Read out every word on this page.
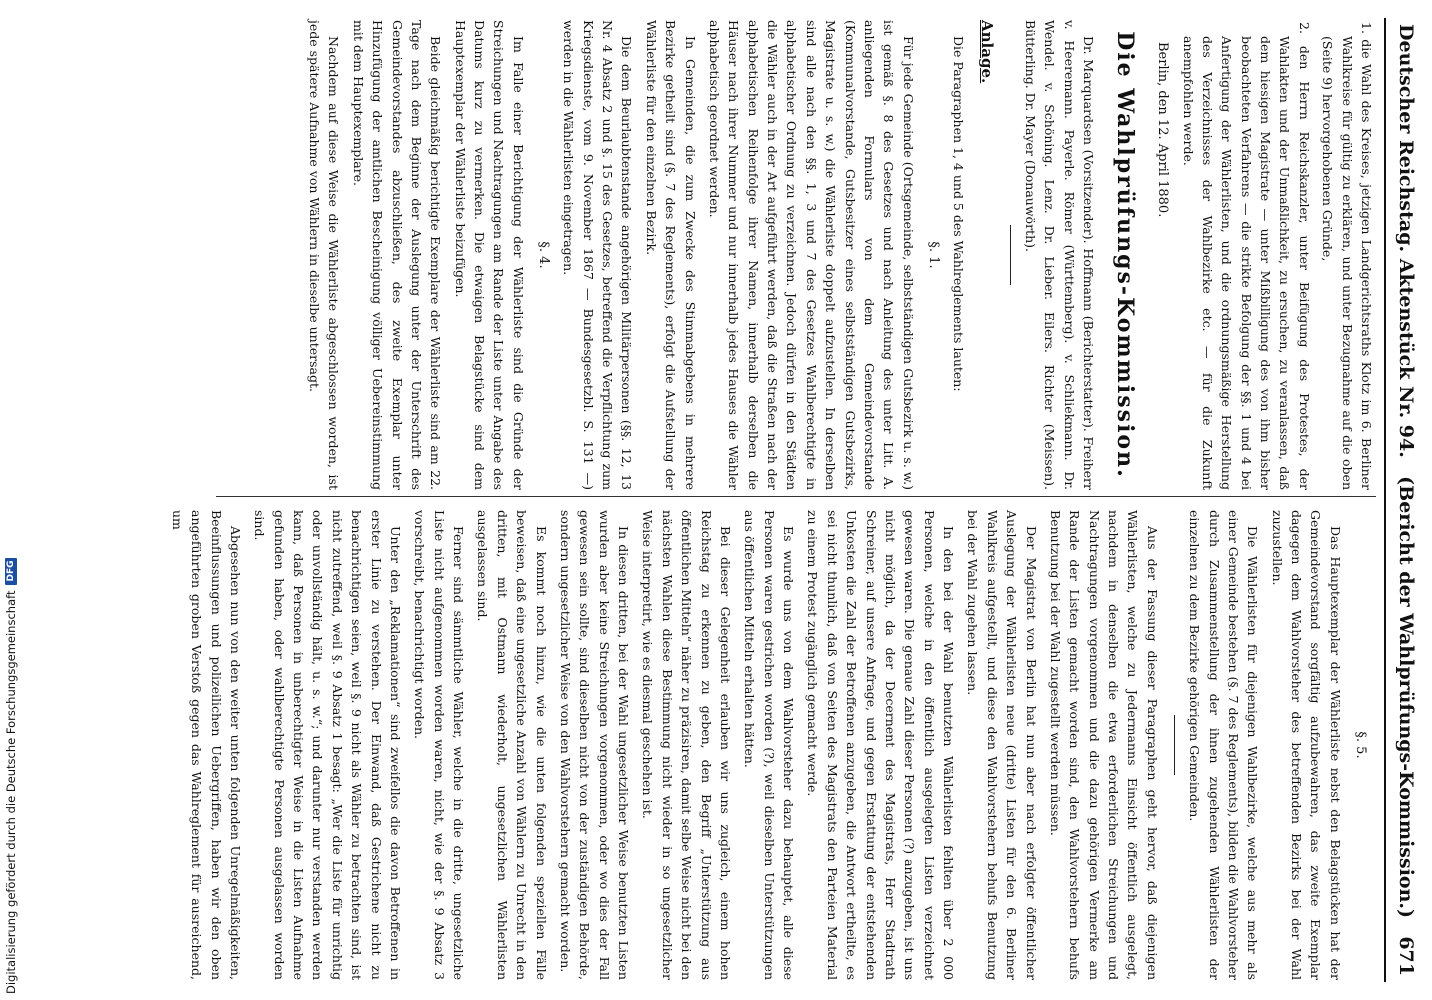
Deutscher Reichstag. Aktenstück Nr. 94.
(Bericht der Wahlprüfungs-Kommission.)
671
1. die Wahl des Kreises, jetzigen Landgerichtsraths Klotz im 6. Berliner Wahlkreise für gültig zu erklären, und unter Bezugnahme auf die oben (Seite 9) hervorgehobenen Gründe,
2. den Herrn Reichskanzler, unter Beifügung des Protestes, der Wahlakten und der Unmaßlichkeit, zu ersuchen, zu veranlassen, daß dem hiesigen Magistrate — unter Mißbilligung des von ihm bisher beobachteten Verfahrens — die strikte Befolgung der §§. 1 und 4 bei Anfertigung der Wählerlisten, und die ordnungsmäßige Herstellung des Verzeichnisses der Wahlbezirke etc. — für die Zukunft anempfohlen werde.
Berlin, den 12. April 1880.
Die Wahlprüfungs-Kommission.

Dr. Marquardsen (Vorsitzender). Hoffmann (Berichterstatter). Freiherr v. Heeremann. Payerle. Römer (Württemberg). v. Schliekmann. Dr. Wendel. v. Schöning. Lenz. Dr. Lieber. Eilers. Richter (Meissen). Bütterling. Dr. Mayer (Donauwörth).

Anlage.

Die Paragraphen 1, 4 und 5 des Wahlreglements lauten:

§. 1.

Für jede Gemeinde (Ortsgemeinde, selbstständigen Gutsbezirk u. s. w.) ist gemäß §. 8 des Gesetzes und nach Anleitung des unter Litt. A. anliegenden Formulars von dem Gemeindevorstande (Kommunalvorstande, Gutsbesitzer eines selbstständigen Gutsbezirks, Magistrate u. s. w.) die Wählerliste doppelt aufzustellen. In derselben sind alle nach den §§. 1, 3 und 7 des Gesetzes Wahlberechtigte in alphabetischer Ordnung zu verzeichnen. Jedoch dürfen in den Städten die Wähler auch in der Art aufgeführt werden, daß die Straßen nach der alphabetischen Reihenfolge ihrer Namen, innerhalb derselben die Häuser nach ihrer Nummer und nur innerhalb jedes Hauses die Wähler alphabetisch geordnet werden.

In Gemeinden, die zum Zwecke des Stimmabgebens in mehrere Bezirke getheilt sind (§. 7 des Reglements), erfolgt die Aufstellung der Wählerliste für den einzelnen Bezirk.

Die dem Beurlaubtenstande angehörigen Militärpersonen (§§. 12, 13 Nr. 4 Absatz 2 und §. 15 des Gesetzes, betreffend die Verpflichtung zum Kriegsdienste, vom 9. November 1867 — Bundesgesetzbl. S. 131 —) werden in die Wählerlisten eingetragen.

§. 4.

Im Falle einer Berichtigung der Wählerliste sind die Gründe der Streichungen und Nachtragungen am Rande der Liste unter Angabe des Datums kurz zu vermerken. Die etwaigen Belagstücke sind dem Hauptexemplar der Wählerliste beizufügen.

Beide gleichmäßig berichtigte Exemplare der Wählerliste sind am 22. Tage nach dem Beginne der Auslegung unter der Unterschrift des Gemeindevorstandes abzuschließen, des zweite Exemplar unter Hinzufügung der amtlichen Bescheinigung völliger Uebereinstimmung mit dem Hauptexemplare.

Nachdem auf diese Weise die Wählerliste abgeschlossen worden, ist jede spätere Aufnahme von Wählern in dieselbe untersagt.

§. 5.

Das Hauptexemplar der Wählerliste nebst den Belagstücken hat der Gemeindevorstand sorgfältig aufzubewahren, das zweite Exemplar dagegen dem Wahlvorsteher des betreffenden Bezirks bei der Wahl zuzustellen.

Die Wählerlisten für diejenigen Wahlbezirke, welche aus mehr als einer Gemeinde bestehen (§. 7 des Reglements), bilden die Wahlvorsteher durch Zusammenstellung der ihnen zugehenden Wählerlisten der einzelnen zu dem Bezirke gehörigen Gemeinden.

Aus der Fassung dieser Paragraphen geht hervor, daß diejenigen Wählerlisten, welche zu Jedermanns Einsicht öffentlich ausgelegt, nachdem in denselben die etwa erforderlichen Streichungen und Nachtragungen vorgenommen und die dazu gehörigen Vermerke am Rande der Listen gemacht worden sind, den Wahlvorstehern behufs Benutzung bei der Wahl zugestellt werden müssen.

Der Magistrat von Berlin hat nun aber nach erfolgter öffentlicher Auslegung der Wählerlisten neue (dritte) Listen für den 6. Berliner Wahlkreis aufgestellt, und diese den Wahlvorstehern behufs Benutzung bei der Wahl zugehen lassen.

In den bei der Wahl benutzten Wählerlisten fehlten über 2 000 Personen, welche in den öffentlich ausgelegten Listen verzeichnet gewesen waren. Die genaue Zahl dieser Personen (?) anzugeben, ist uns nicht möglich, da der Decernent des Magistrats, Herr Stadtrath Schreiner, auf unsere Anfrage, und gegen Erstattung der entstehenden Unkosten die Zahl der Betroffenen anzugeben, die Antwort ertheilte, es sei nicht thunlich, daß von Seiten des Magistrats den Parteien Material zu einem Protest zugänglich gemacht werde.

Es wurde uns von dem Wahlvorsteher dazu behauptet, alle diese Personen waren gestrichen worden (?), weil dieselben Unterstützungen aus öffentlichen Mitteln erhalten hätten.

Bei dieser Gelegenheit erlauben wir uns zugleich, einem hohen Reichstag zu erkennen zu geben, den Begriff „Unterstützung aus öffentlichen Mitteln“ näher zu präzisiren, damit selbe Weise nicht bei den nächsten Wahlen diese Bestimmung nicht wieder in so ungesetzlicher Weise interpretirt, wie es diesmal geschehen ist.

In diesen dritten, bei der Wahl ungesetzlicher Weise benutzten Listen wurden aber keine Streichungen vorgenommen, oder wo dies der Fall gewesen sein sollte, sind dieselben nicht von der zuständigen Behörde, sondern ungesetzlicher Weise von den Wahlvorstehern gemacht worden.

Es kommt noch hinzu, wie die unten folgenden speziellen Fälle beweisen, daß eine ungesetzliche Anzahl von Wählern zu Unrecht in den dritten, mit Ostmann wiederholt, ungesetzlichen Wählerlisten ausgelassen sind.

Ferner sind sämmtliche Wähler, welche in die dritte, ungesetzliche Liste nicht aufgenommen worden waren, nicht, wie der §. 9 Absatz 3 vorschreibt, benachrichtigt worden.

Unter den „Reklamationen“ sind zweifellos die davon Betroffenen in erster Linie zu verstehen. Der Einwand, daß Gestrichene nicht zu benachrichtigen seien, weil §. 9 nicht als Wähler zu betrachten sind, ist nicht zutreffend, weil §. 9 Absatz 1 besagt: „Wer die Liste für unrichtig oder unvollständig hält, u. s. w.“; und darunter nur verstanden werden kann, daß Personen in unberechtigter Weise in die Listen Aufnahme gefunden haben, oder wahlberechtigte Personen ausgelassen worden sind.

Abgesehen nun von den weiter unten folgenden Unregelmäßigkeiten, Beeinflussungen und polizeilichen Uebergriffen, haben wir den oben angeführten groben Verstoß gegen das Wahlreglement für ausreichend, um

Digitalisierung gefördert durch die Deutsche Forschungsgemeinschaft
DFG
